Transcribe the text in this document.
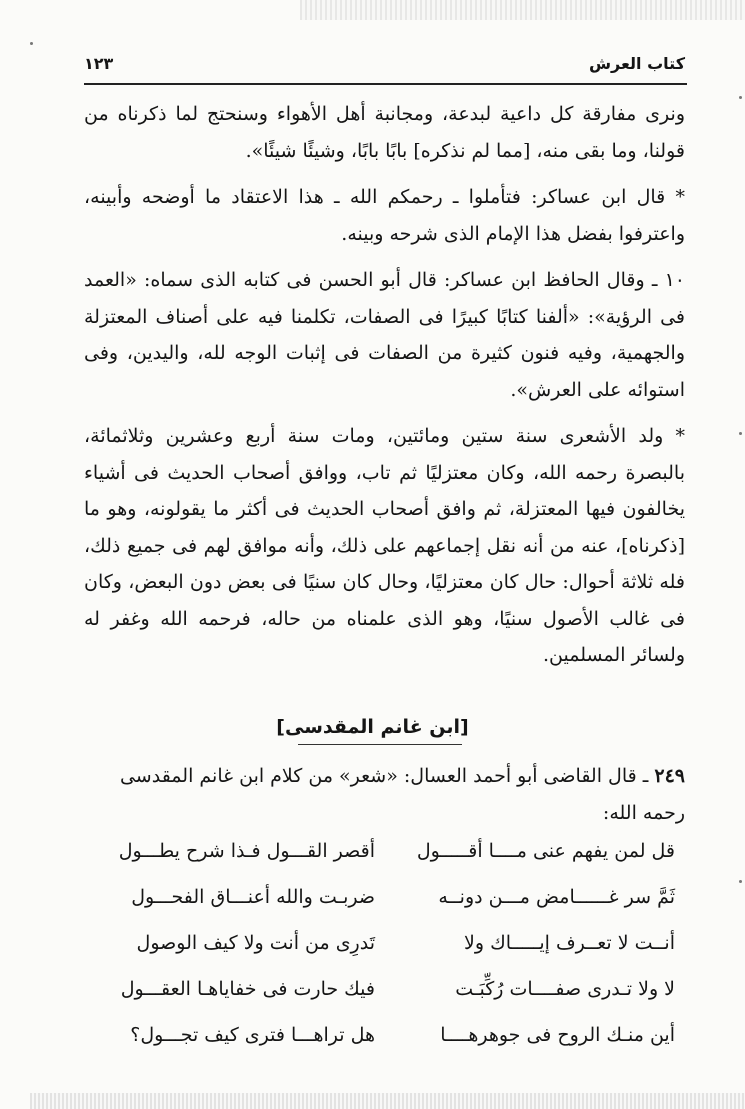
كتاب العرش
١٢٣

ونرى مفارقة كل داعية لبدعة، ومجانبة أهل الأهواء وسنحتج لما ذكرناه من قولنا، وما بقى منه، [مما لم نذكره] بابًا بابًا، وشيئًا شيئًا».

* قال ابن عساكر: فتأملوا ـ رحمكم الله ـ هذا الاعتقاد ما أوضحه وأبينه، واعترفوا بفضل هذا الإمام الذى شرحه وبينه.

١٠ ـ وقال الحافظ ابن عساكر: قال أبو الحسن فى كتابه الذى سماه: «العمد فى الرؤية»: «ألفنا كتابًا كبيرًا فى الصفات، تكلمنا فيه على أصناف المعتزلة والجهمية، وفيه فنون كثيرة من الصفات فى إثبات الوجه لله، واليدين، وفى استوائه على العرش».

* ولد الأشعرى سنة ستين ومائتين، ومات سنة أربع وعشرين وثلاثمائة، بالبصرة رحمه الله، وكان معتزليًا ثم تاب، ووافق أصحاب الحديث فى أشياء يخالفون فيها المعتزلة، ثم وافق أصحاب الحديث فى أكثر ما يقولونه، وهو ما [ذكرناه]، عنه من أنه نقل إجماعهم على ذلك، وأنه موافق لهم فى جميع ذلك، فله ثلاثة أحوال: حال كان معتزليًا، وحال كان سنيًا فى بعض دون البعض، وكان فى غالب الأصول سنيًا، وهو الذى علمناه من حاله، فرحمه الله وغفر له ولسائر المسلمين.

[ابن غانم المقدسى]
٢٤٩ ـ قال القاضى أبو أحمد العسال: «شعر» من كلام ابن غانم المقدسى رحمه الله:
قل لمن يفهم عنى مــــا أقـــــول
أقصر القـــول فـذا شرح يطـــول
ثَمَّ سر غــــــامض مـــن دونــه
ضربـت والله أعنـــاق الفحـــول
أنــت لا تعــرف إيـــــاك ولا
تَدرِى من أنت ولا كيف الوصول
لا ولا تـدرى صفــــات رُكِّبَـت
فيك حارت فى خفاياهـا العقـــول
أين منـك الروح فى جوهرهــــا
هل تراهـــا فترى كيف تجـــول؟
